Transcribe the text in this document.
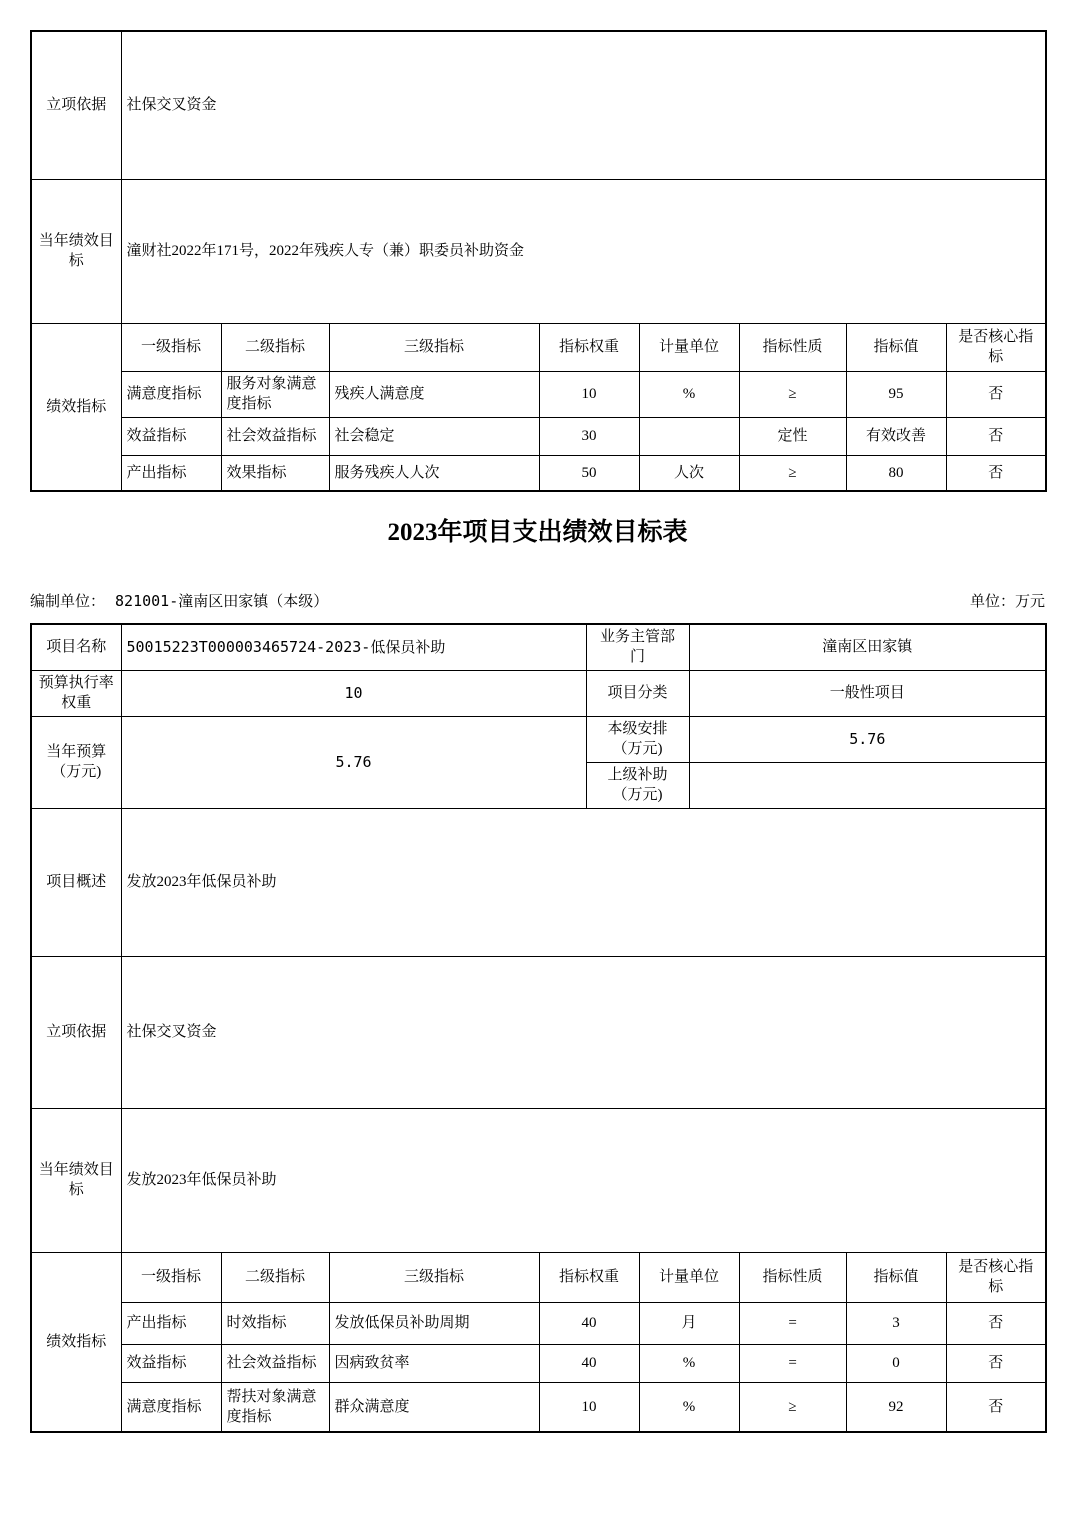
立项依据	社保交叉资金							
当年绩效目标	潼财社2022年171号，2022年残疾人专（兼）职委员补助资金							
绩效指标	一级指标	二级指标	三级指标	指标权重	计量单位	指标性质	指标值	是否核心指标
	满意度指标	服务对象满意度指标	残疾人满意度	10	%	≥	95	否
	效益指标	社会效益指标	社会稳定	30		定性	有效改善	否
	产出指标	效果指标	服务残疾人人次	50	人次	≥	80	否
2023年项目支出绩效目标表
编制单位： 821001-潼南区田家镇（本级）	单位：万元
项目名称	50015223T000003465724-2023-低保员补助				业务主管部门		潼南区田家镇			
预算执行率权重	10				项目分类		一般性项目			
当年预算（万元)	5.76				本级安排（万元)		5.76			
					上级补助（万元)					
项目概述	发放2023年低保员补助									
立项依据	社保交叉资金									
当年绩效目标	发放2023年低保员补助									
绩效指标	一级指标	二级指标	三级指标	指标权重		计量单位		指标性质	指标值	是否核心指标
	产出指标	时效指标	发放低保员补助周期	40		月		=	3	否
	效益指标	社会效益指标	因病致贫率	40		%		=	0	否
	满意度指标	帮扶对象满意度指标	群众满意度	10		%		≥	92	否
